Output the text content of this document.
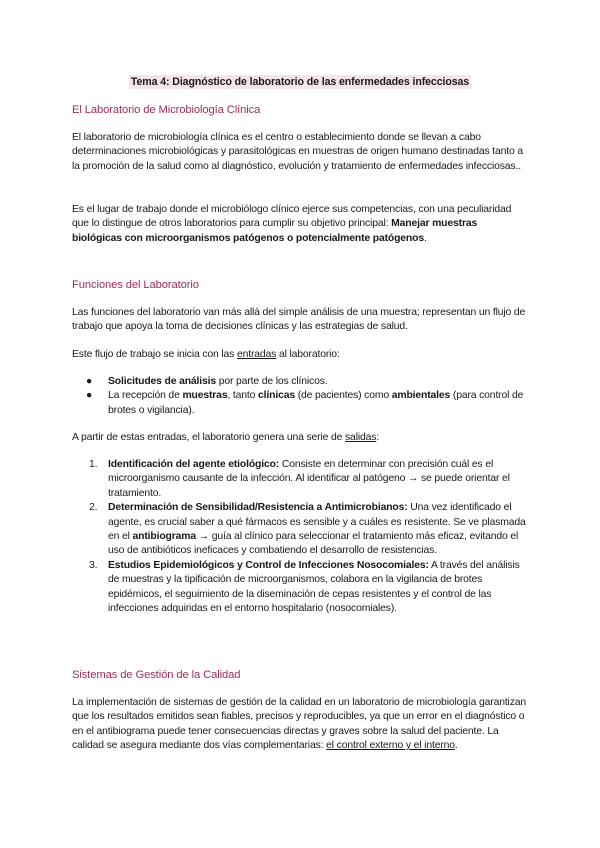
Tema 4: Diagnóstico de laboratorio de las enfermedades infecciosas
El Laboratorio de Microbiología Clínica
El laboratorio de microbiología clínica es el centro o establecimiento donde se llevan a cabo determinaciones microbiológicas y parasitológicas en muestras de origen humano destinadas tanto a la promoción de la salud como al diagnóstico, evolución y tratamiento de enfermedades infecciosas..
Es el lugar de trabajo donde el microbiólogo clínico ejerce sus competencias, con una peculiaridad que lo distingue de otros laboratorios para cumplir su objetivo principal: Manejar muestras biológicas con microorganismos patógenos o potencialmente patógenos.
Funciones del Laboratorio
Las funciones del laboratorio van más allá del simple análisis de una muestra; representan un flujo de trabajo que apoya la toma de decisiones clínicas y las estrategias de salud.
Este flujo de trabajo se inicia con las entradas al laboratorio:
● Solicitudes de análisis por parte de los clínicos.
● La recepción de muestras, tanto clínicas (de pacientes) como ambientales (para control de brotes o vigilancia).
A partir de estas entradas, el laboratorio genera una serie de salidas:
1. Identificación del agente etiológico: Consiste en determinar con precisión cuál es el microorganismo causante de la infección. Al identificar al patógeno → se puede orientar el tratamiento.
2. Determinación de Sensibilidad/Resistencia a Antimicrobianos: Una vez identificado el agente, es crucial saber a qué fármacos es sensible y a cuáles es resistente. Se ve plasmada en el antibiograma → guía al clínico para seleccionar el tratamiento más eficaz, evitando el uso de antibióticos ineficaces y combatiendo el desarrollo de resistencias.
3. Estudios Epidemiológicos y Control de Infecciones Nosocomiales: A través del análisis de muestras y la tipificación de microorganismos, colabora en la vigilancia de brotes epidémicos, el seguimiento de la diseminación de cepas resistentes y el control de las infecciones adquiridas en el entorno hospitalario (nosocomiales).
Sistemas de Gestión de la Calidad
La implementación de sistemas de gestión de la calidad en un laboratorio de microbiología garantizan que los resultados emitidos sean fiables, precisos y reproducibles, ya que un error en el diagnóstico o en el antibiograma puede tener consecuencias directas y graves sobre la salud del paciente. La calidad se asegura mediante dos vías complementarias: el control externo y el interno.
